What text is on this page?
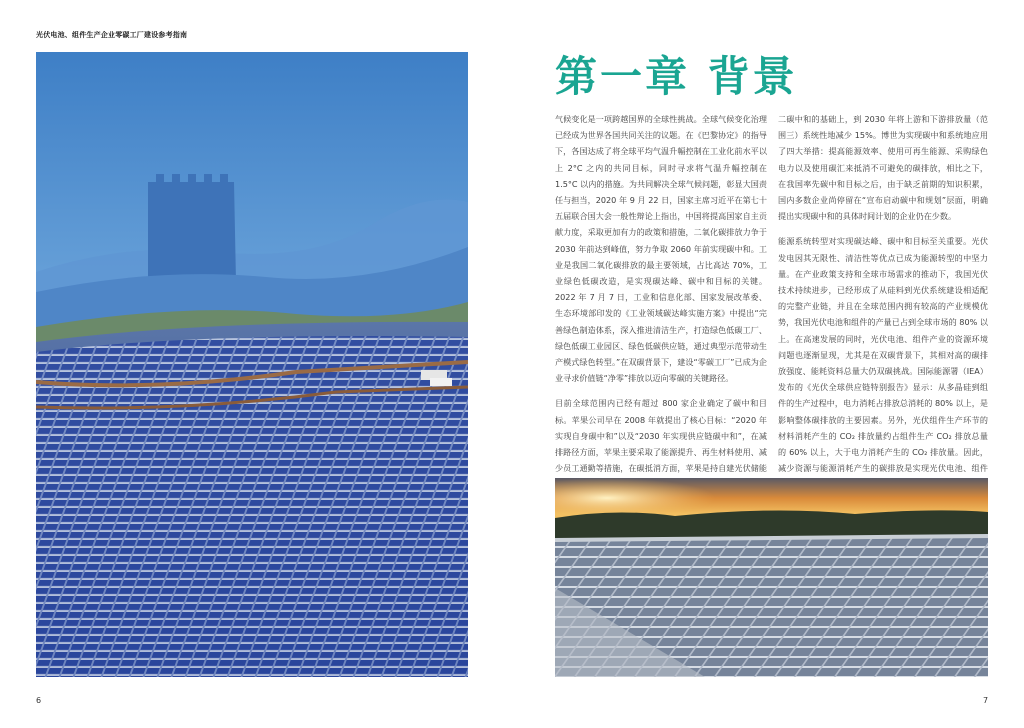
光伏电池、组件生产企业零碳工厂建设参考指南
第一章 背景

气候变化是一项跨越国界的全球性挑战。全球气候变化治理已经成为世界各国共同关注的议题。在《巴黎协定》的指导下，各国达成了将全球平均气温升幅控制在工业化前水平以上 2°C 之内的共同目标，同时寻求将气温升幅控制在 1.5°C 以内的措施。为共同解决全球气候问题，彰显大国责任与担当，2020 年 9 月 22 日，国家主席习近平在第七十五届联合国大会一般性辩论上指出，中国将提高国家自主贡献力度，采取更加有力的政策和措施，二氧化碳排放力争于 2030 年前达到峰值，努力争取 2060 年前实现碳中和。工业是我国二氧化碳排放的最主要领域，占比高达 70%，工业绿色低碳改造，是实现碳达峰、碳中和目标的关键。2022 年 7 月 7 日，工业和信息化部、国家发展改革委、生态环境部印发的《工业领域碳达峰实施方案》中提出“完善绿色制造体系，深入推进清洁生产，打造绿色低碳工厂、绿色低碳工业园区、绿色低碳供应链，通过典型示范带动生产模式绿色转型。”在双碳背景下，建设“零碳工厂”已成为企业寻求价值链“净零”排放以迈向零碳的关键路径。

目前全球范围内已经有超过 800 家企业确定了碳中和目标。苹果公司早在 2008 年就提出了核心目标：“2020 年实现自身碳中和”以及“2030 年实现供应链碳中和”，在减排路径方面，苹果主要采取了能源提升、再生材料使用、减少员工通勤等措施，在碳抵消方面，苹果是持自建光伏储能

二碳中和的基础上，到 2030 年将上游和下游排放量（范围三）系统性地减少 15%。博世为实现碳中和系统地应用了四大举措：提高能源效率、使用可再生能源、采购绿色电力以及使用碳汇来抵消不可避免的碳排放，相比之下，在我国率先碳中和目标之后，由于缺乏前期的知识积累，国内多数企业尚停留在“宣布启动碳中和规划”层面，明确提出实现碳中和的具体时间计划的企业仍在少数。

能源系统转型对实现碳达峰、碳中和目标至关重要。光伏发电因其无限性、清洁性等优点已成为能源转型的中坚力量。在产业政策支持和全球市场需求的推动下，我国光伏技术持续进步，已经形成了从硅料到光伏系统建设相适配的完整产业链，并且在全球范围内拥有较高的产业规模优势，我国光伏电池和组件的产量已占到全球市场的 80% 以上。在高速发展的同时，光伏电池、组件产业的资源环境问题也逐渐显现，尤其是在双碳背景下，其相对高的碳排放强度、能耗资料总量大仍双碳挑战。国际能源署（IEA）发布的《光伏全球供应链特别报告》显示：从多晶硅到组件的生产过程中，电力消耗占排放总消耗的 80% 以上，是影响整体碳排放的主要因素。另外，光伏组件生产环节的材料消耗产生的 CO₂ 排放量约占组件生产 CO₂ 排放总量的 60% 以上，大于电力消耗产生的 CO₂ 排放量。因此，减少资源与能源消耗产生的碳排放是实现光伏电池、组件

6	7
